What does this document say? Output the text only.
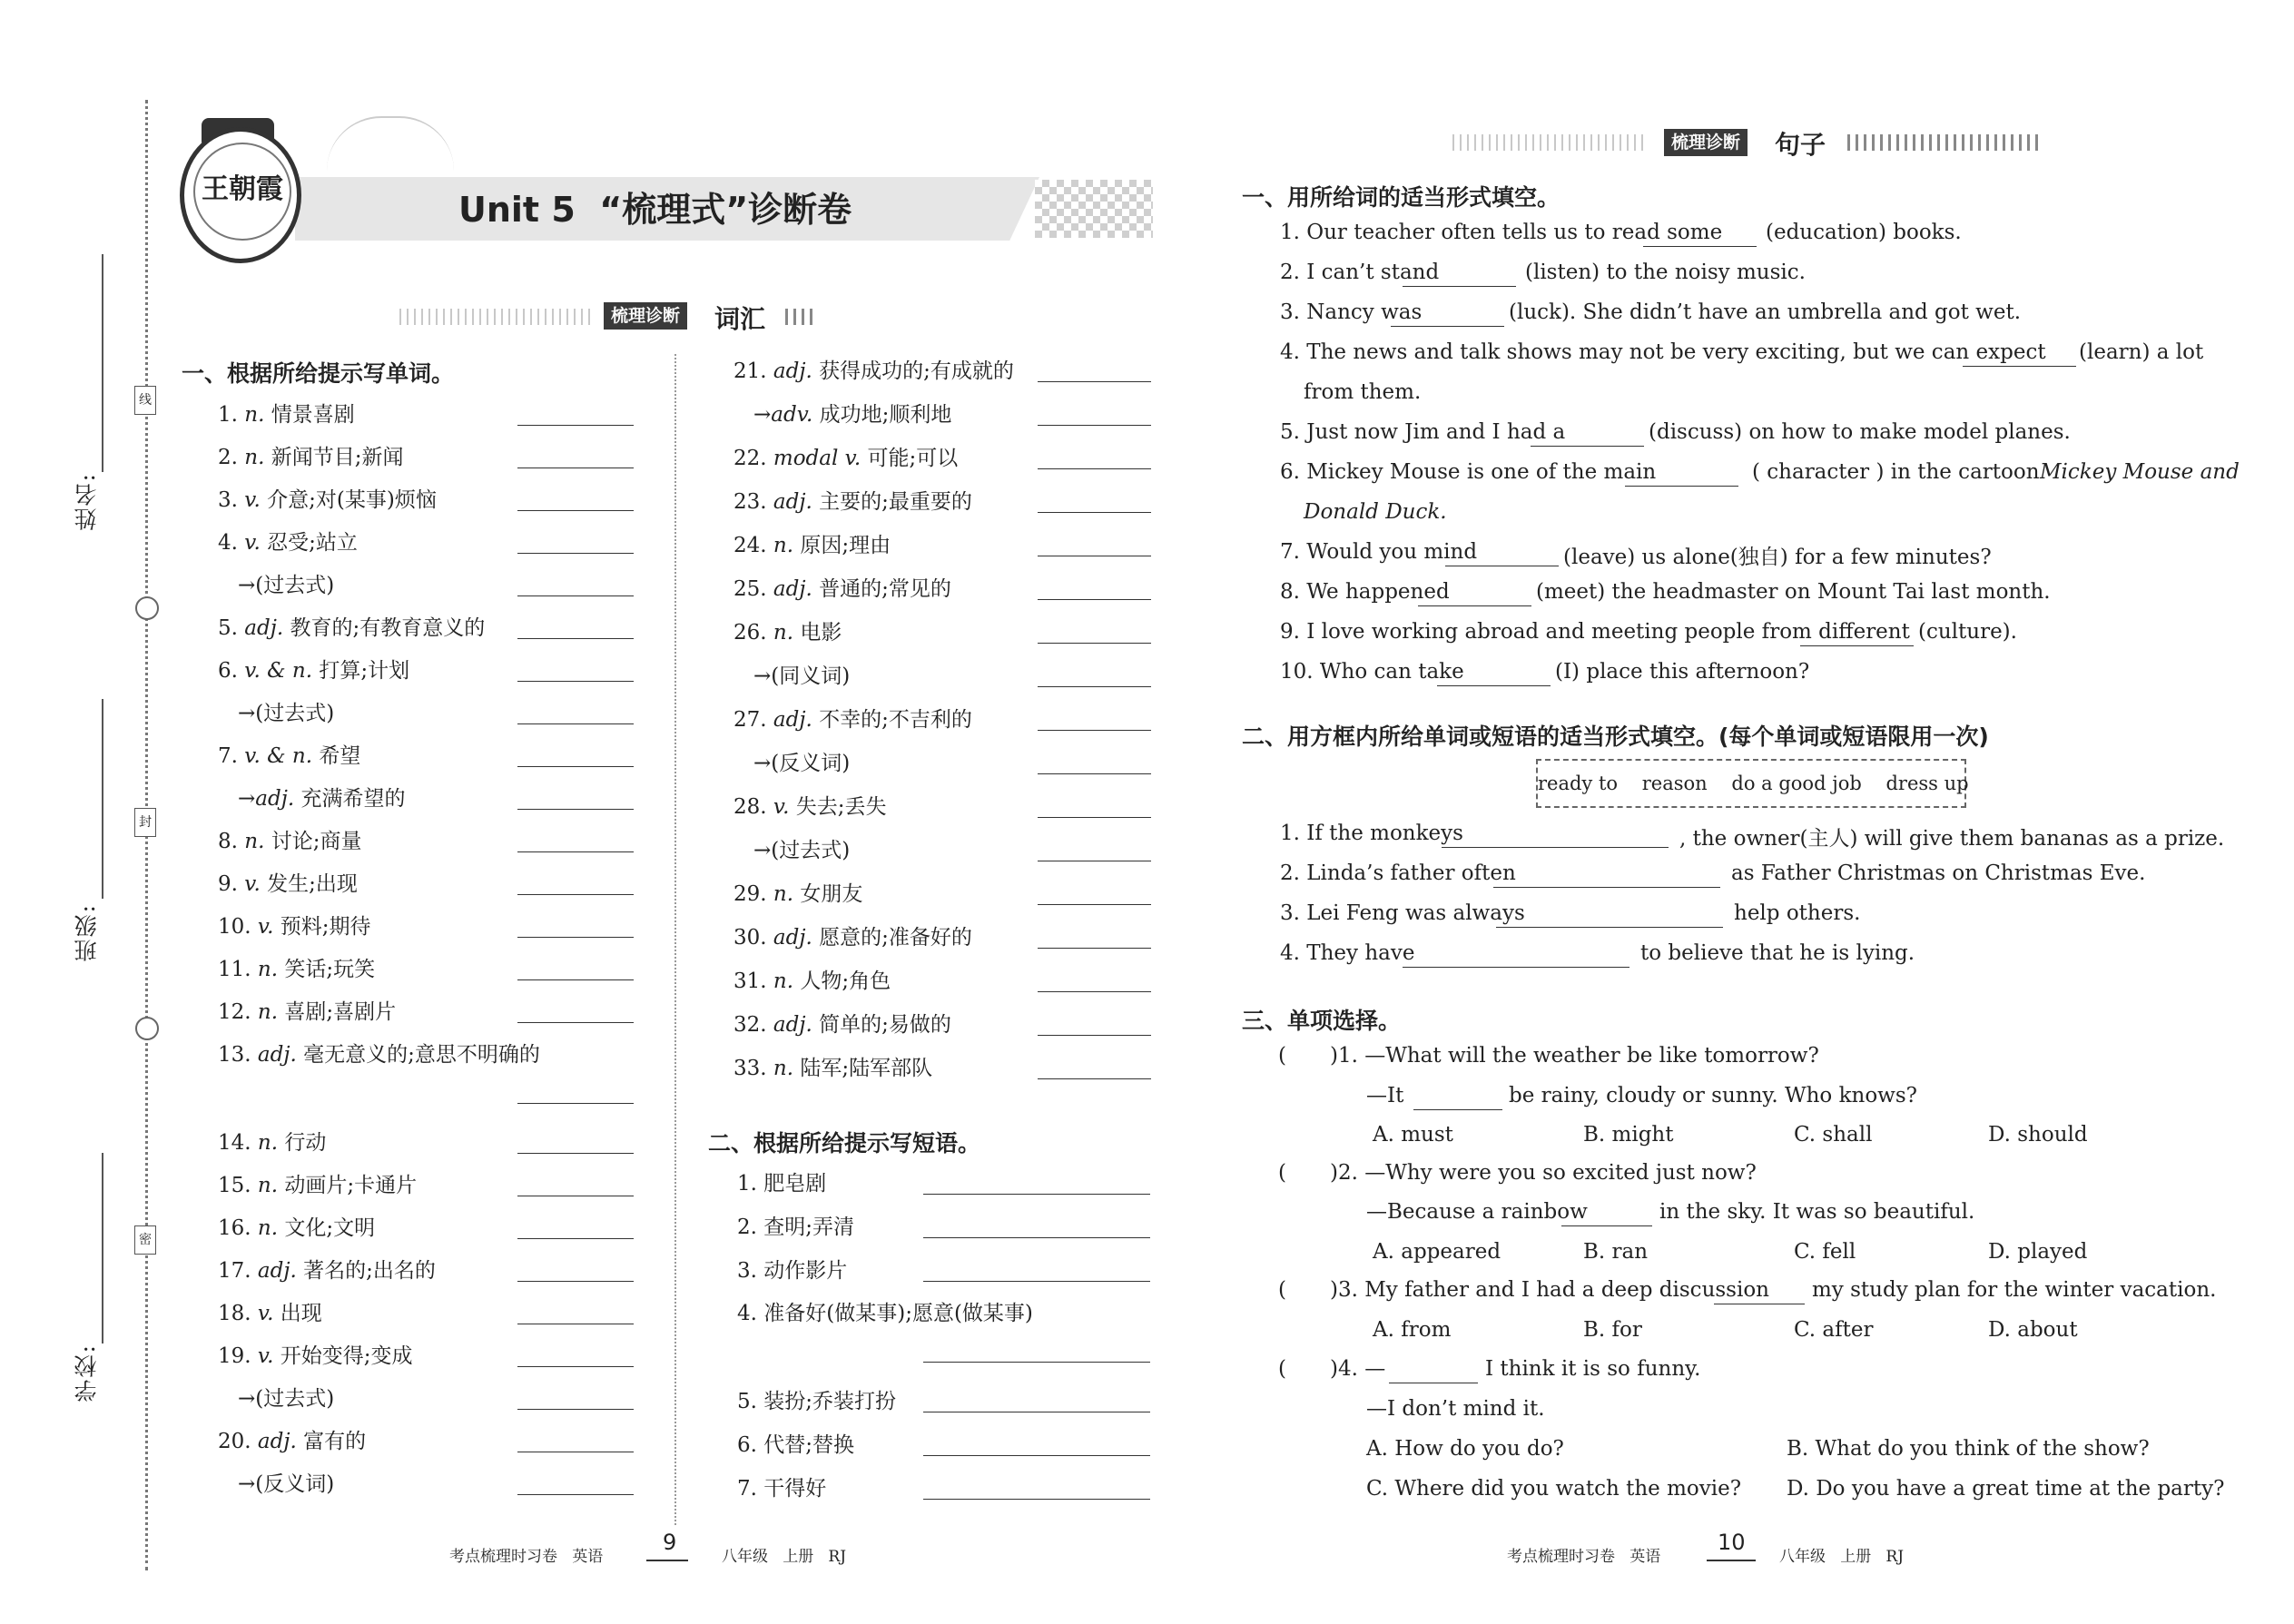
姓名:
班级:
学校:
线
封
密
王朝霞
Unit 5  “梳理式”诊断卷
梳理诊断 词汇
一、根据所给提示写单词。
1. n. 情景喜剧
2. n. 新闻节目;新闻
3. v. 介意;对(某事)烦恼
4. v. 忍受;站立
→(过去式)
5. adj. 教育的;有教育意义的
6. v. & n. 打算;计划
→(过去式)
7. v. & n. 希望
→adj. 充满希望的
8. n. 讨论;商量
9. v. 发生;出现
10. v. 预料;期待
11. n. 笑话;玩笑
12. n. 喜剧;喜剧片
13. adj. 毫无意义的;意思不明确的
14. n. 行动
15. n. 动画片;卡通片
16. n. 文化;文明
17. adj. 著名的;出名的
18. v. 出现
19. v. 开始变得;变成
→(过去式)
20. adj. 富有的
→(反义词)
21. adj. 获得成功的;有成就的
→adv. 成功地;顺利地
22. modal v. 可能;可以
23. adj. 主要的;最重要的
24. n. 原因;理由
25. adj. 普通的;常见的
26. n. 电影
→(同义词)
27. adj. 不幸的;不吉利的
→(反义词)
28. v. 失去;丢失
→(过去式)
29. n. 女朋友
30. adj. 愿意的;准备好的
31. n. 人物;角色
32. adj. 简单的;易做的
33. n. 陆军;陆军部队
二、根据所给提示写短语。
1. 肥皂剧
2. 查明;弄清
3. 动作影片
4. 准备好(做某事);愿意(做某事)
5. 装扮;乔装打扮
6. 代替;替换
7. 干得好
考点梳理时习卷   英语
9
八年级   上册   RJ
梳理诊断 句子
一、用所给词的适当形式填空。
1. Our teacher often tells us to read some (education) books.
2. I can’t stand	(listen) to the noisy music.
3. Nancy was	(luck). She didn’t have an umbrella and got wet.
4. The news and talk shows may not be very exciting, but we can expect (learn) a lot
from them.
5. Just now Jim and I had a	(discuss) on how to make model planes.
6. Mickey Mouse is one of the main	( character ) in the cartoon Mickey Mouse and
Donald Duck.
7. Would you mind	(leave) us alone(独自) for a few minutes?
8. We happened	(meet) the headmaster on Mount Tai last month.
9. I love working abroad and meeting people from different (culture).
10. Who can take	(I) place this afternoon?
二、用方框内所给单词或短语的适当形式填空。(每个单词或短语限用一次)
ready to    reason    do a good job    dress up
1. If the monkeys	, the owner(主人) will give them bananas as a prize.
2. Linda’s father often	as Father Christmas on Christmas Eve.
3. Lei Feng was always	help others.
4. They have	to believe that he is lying.
三、单项选择。
( )1. —What will the weather be like tomorrow?
—It	be rainy, cloudy or sunny. Who knows?
A. must	B. might	C. shall	D. should
( )2. —Why were you so excited just now?
—Because a rainbow	in the sky. It was so beautiful.
A. appeared	B. ran	C. fell	D. played
( )3. My father and I had a deep discussion my study plan for the winter vacation.
A. from	B. for	C. after	D. about
( )4. —	I think it is so funny.
—I don’t mind it.
A. How do you do?	B. What do you think of the show?
C. Where did you watch the movie? D. Do you have a great time at the party?
考点梳理时习卷   英语
10
八年级   上册   RJ
